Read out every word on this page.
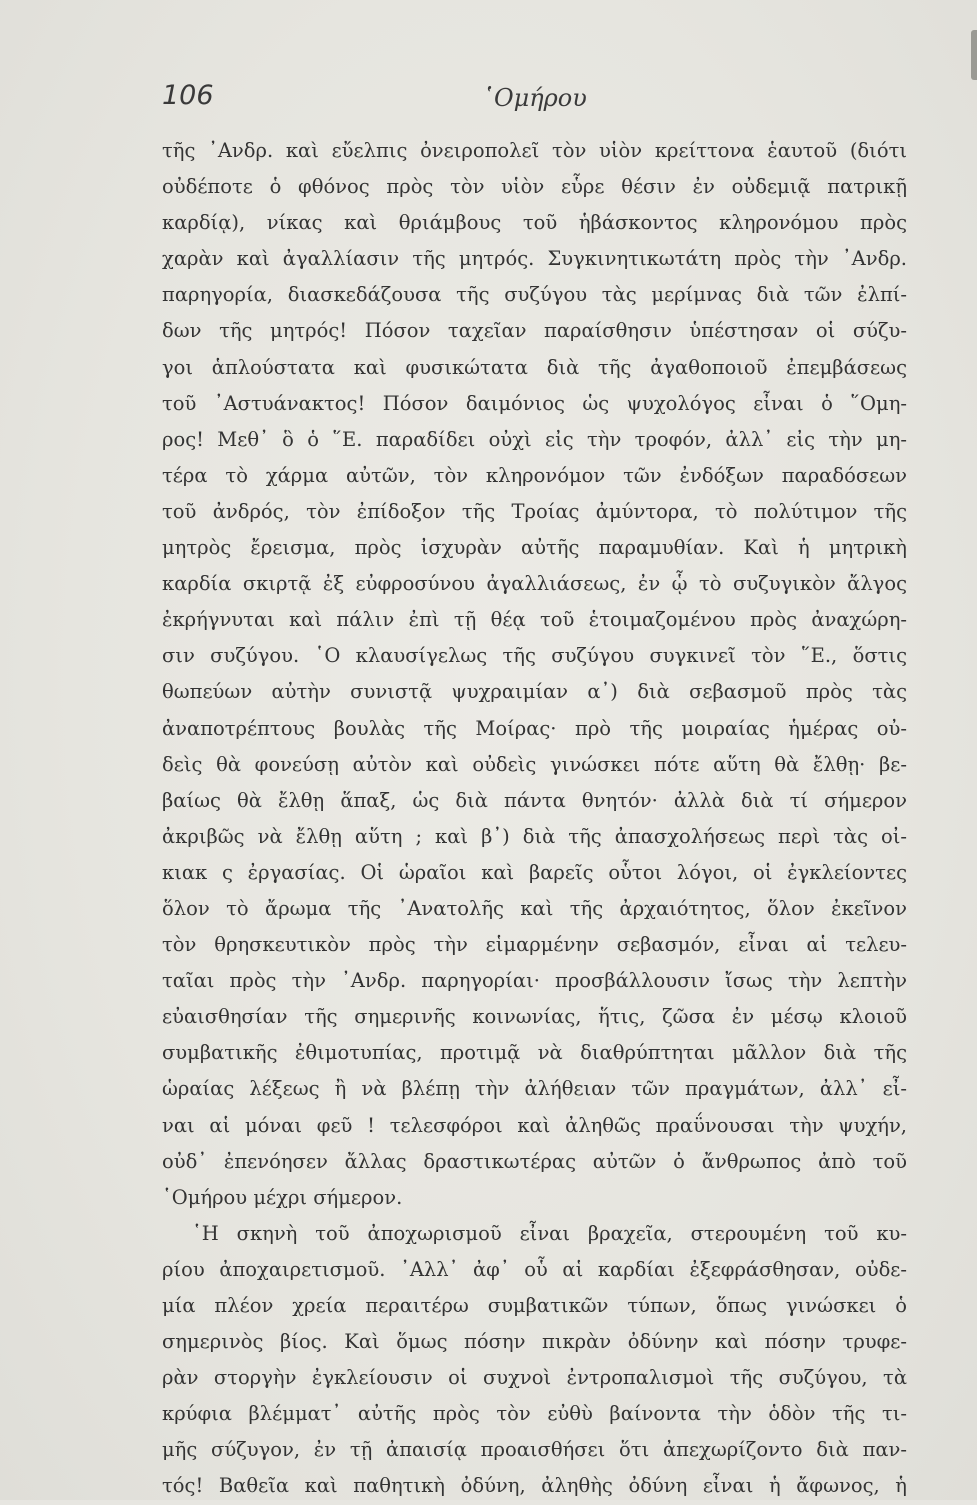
106	῾Ομήρου
τῆς ᾿Ανδρ. καὶ εὔελπις ὀνειροπολεῖ τὸν υἱὸν κρείττονα ἑαυτοῦ (διότι
οὐδέποτε ὁ φθόνος πρὸς τὸν υἱὸν εὗρε θέσιν ἐν οὐδεμιᾷ πατρικῇ
καρδίᾳ), νίκας καὶ θριάμβους τοῦ ἡβάσκοντος κληρονόμου πρὸς
χαρὰν καὶ ἀγαλλίασιν τῆς μητρός. Συγκινητικωτάτη πρὸς τὴν ᾿Ανδρ.
παρηγορία, διασκεδάζουσα τῆς συζύγου τὰς μερίμνας διὰ τῶν ἐλπί-
δων τῆς μητρός! Πόσον ταχεῖαν παραίσθησιν ὑπέστησαν οἱ σύζυ-
γοι ἁπλούστατα καὶ φυσικώτατα διὰ τῆς ἀγαθοποιοῦ ἐπεμβάσεως
τοῦ ᾿Αστυάνακτος! Πόσον δαιμόνιος ὡς ψυχολόγος εἶναι ὁ ῞Ομη-
ρος! Μεθ᾽ ὃ ὁ ῞Ε. παραδίδει οὐχὶ εἰς τὴν τροφόν, ἀλλ᾽ εἰς τὴν μη-
τέρα τὸ χάρμα αὐτῶν, τὸν κληρονόμον τῶν ἐνδόξων παραδόσεων
τοῦ ἀνδρός, τὸν ἐπίδοξον τῆς Τροίας ἀμύντορα, τὸ πολύτιμον τῆς
μητρὸς ἔρεισμα, πρὸς ἰσχυρὰν αὐτῆς παραμυθίαν. Καὶ ἡ μητρικὴ
καρδία σκιρτᾷ ἐξ εὐφροσύνου ἀγαλλιάσεως, ἐν ᾧ τὸ συζυγικὸν ἄλγος
ἐκρήγνυται καὶ πάλιν ἐπὶ τῇ θέᾳ τοῦ ἑτοιμαζομένου πρὸς ἀναχώρη-
σιν συζύγου. ῾Ο κλαυσίγελως τῆς συζύγου συγκινεῖ τὸν ῞Ε., ὅστις
θωπεύων αὐτὴν συνιστᾷ ψυχραιμίαν α᾽) διὰ σεβασμοῦ πρὸς τὰς
ἀναποτρέπτους βουλὰς τῆς Μοίρας· πρὸ τῆς μοιραίας ἡμέρας οὐ-
δεὶς θὰ φονεύσῃ αὐτὸν καὶ οὐδεὶς γινώσκει πότε αὕτη θὰ ἔλθῃ· βε-
βαίως θὰ ἔλθῃ ἅπαξ, ὡς διὰ πάντα θνητόν· ἀλλὰ διὰ τί σήμερον
ἀκριβῶς νὰ ἔλθῃ αὕτη ; καὶ β᾽) διὰ τῆς ἀπασχολήσεως περὶ τὰς οἰ-
κιακ ς ἐργασίας. Οἱ ὡραῖοι καὶ βαρεῖς οὗτοι λόγοι, οἱ ἐγκλείοντες
ὅλον τὸ ἄρωμα τῆς ᾿Ανατολῆς καὶ τῆς ἀρχαιότητος, ὅλον ἐκεῖνον
τὸν θρησκευτικὸν πρὸς τὴν εἱμαρμένην σεβασμόν, εἶναι αἱ τελευ-
ταῖαι πρὸς τὴν ᾿Ανδρ. παρηγορίαι· προσβάλλουσιν ἴσως τὴν λεπτὴν
εὐαισθησίαν τῆς σημερινῆς κοινωνίας, ἥτις, ζῶσα ἐν μέσῳ κλοιοῦ
συμβατικῆς ἐθιμοτυπίας, προτιμᾷ νὰ διαθρύπτηται μᾶλλον διὰ τῆς
ὡραίας λέξεως ἢ νὰ βλέπῃ τὴν ἀλήθειαν τῶν πραγμάτων, ἀλλ᾽ εἶ-
ναι αἱ μόναι φεῦ ! τελεσφόροι καὶ ἀληθῶς πραΰνουσαι τὴν ψυχήν,
οὐδ᾽ ἐπενόησεν ἄλλας δραστικωτέρας αὐτῶν ὁ ἄνθρωπος ἀπὸ τοῦ
῾Ομήρου μέχρι σήμερον.
῾Η σκηνὴ τοῦ ἀποχωρισμοῦ εἶναι βραχεῖα, στερουμένη τοῦ κυ-
ρίου ἀποχαιρετισμοῦ. ᾿Αλλ᾽ ἀφ᾽ οὗ αἱ καρδίαι ἐξεφράσθησαν, οὐδε-
μία πλέον χρεία περαιτέρω συμβατικῶν τύπων, ὅπως γινώσκει ὁ
σημερινὸς βίος. Καὶ ὅμως πόσην πικρὰν ὀδύνην καὶ πόσην τρυφε-
ρὰν στοργὴν ἐγκλείουσιν οἱ συχνοὶ ἐντροπαλισμοὶ τῆς συζύγου, τὰ
κρύφια βλέμματ᾽ αὐτῆς πρὸς τὸν εὐθὺ βαίνοντα τὴν ὁδὸν τῆς τι-
μῆς σύζυγον, ἐν τῇ ἀπαισίᾳ προαισθήσει ὅτι ἀπεχωρίζοντο διὰ παν-
τός! Βαθεῖα καὶ παθητικὴ ὀδύνη, ἀληθὴς ὀδύνη εἶναι ἡ ἄφωνος, ἡ
